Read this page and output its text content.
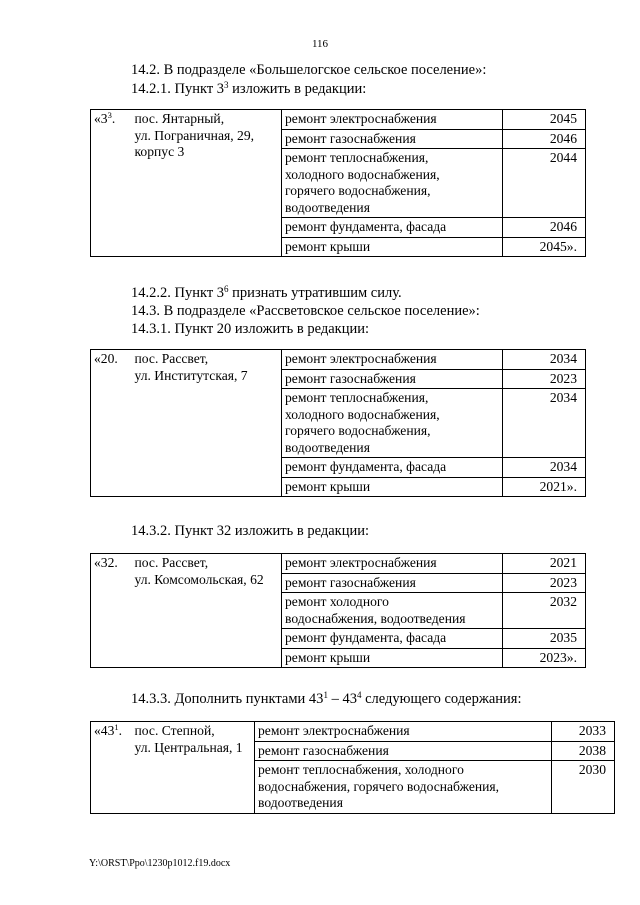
116
14.2. В подразделе «Большелогское сельское поселение»:
14.2.1. Пункт $3^3$ изложить в редакции:
«$3^3$.	пос. Янтарный,
ул. Пограничная, 29,
корпус 3	ремонт электроснабжения	2045

		ремонт газоснабжения	2046

		ремонт теплоснабжения,
холодного водоснабжения,
горячего водоснабжения,
водоотведения	2044

		ремонт фундамента, фасада	2046

		ремонт крыши	2045».
14.2.2. Пункт $3^6$ признать утратившим силу.
14.3. В подразделе «Рассветовское сельское поселение»:
14.3.1. Пункт 20 изложить в редакции:
«20.	пос. Рассвет,
ул. Институтская, 7	ремонт электроснабжения	2034

		ремонт газоснабжения	2023

		ремонт теплоснабжения,
холодного водоснабжения,
горячего водоснабжения,
водоотведения	2034

		ремонт фундамента, фасада	2034

		ремонт крыши	2021».
14.3.2. Пункт 32 изложить в редакции:
«32.	пос. Рассвет,
ул. Комсомольская, 62	ремонт электроснабжения	2021

		ремонт газоснабжения	2023

		ремонт холодного
водоснабжения, водоотведения	2032

		ремонт фундамента, фасада	2035

		ремонт крыши	2023».
14.3.3. Дополнить пунктами $43^1 - 43^4$ следующего содержания:
«$43^1$.	пос. Степной,
ул. Центральная, 1	ремонт электроснабжения	2033

		ремонт газоснабжения	2038

		ремонт теплоснабжения, холодного
водоснабжения, горячего водоснабжения,
водоотведения	2030
Y:\ORST\Ppo\1230p1012.f19.docx
